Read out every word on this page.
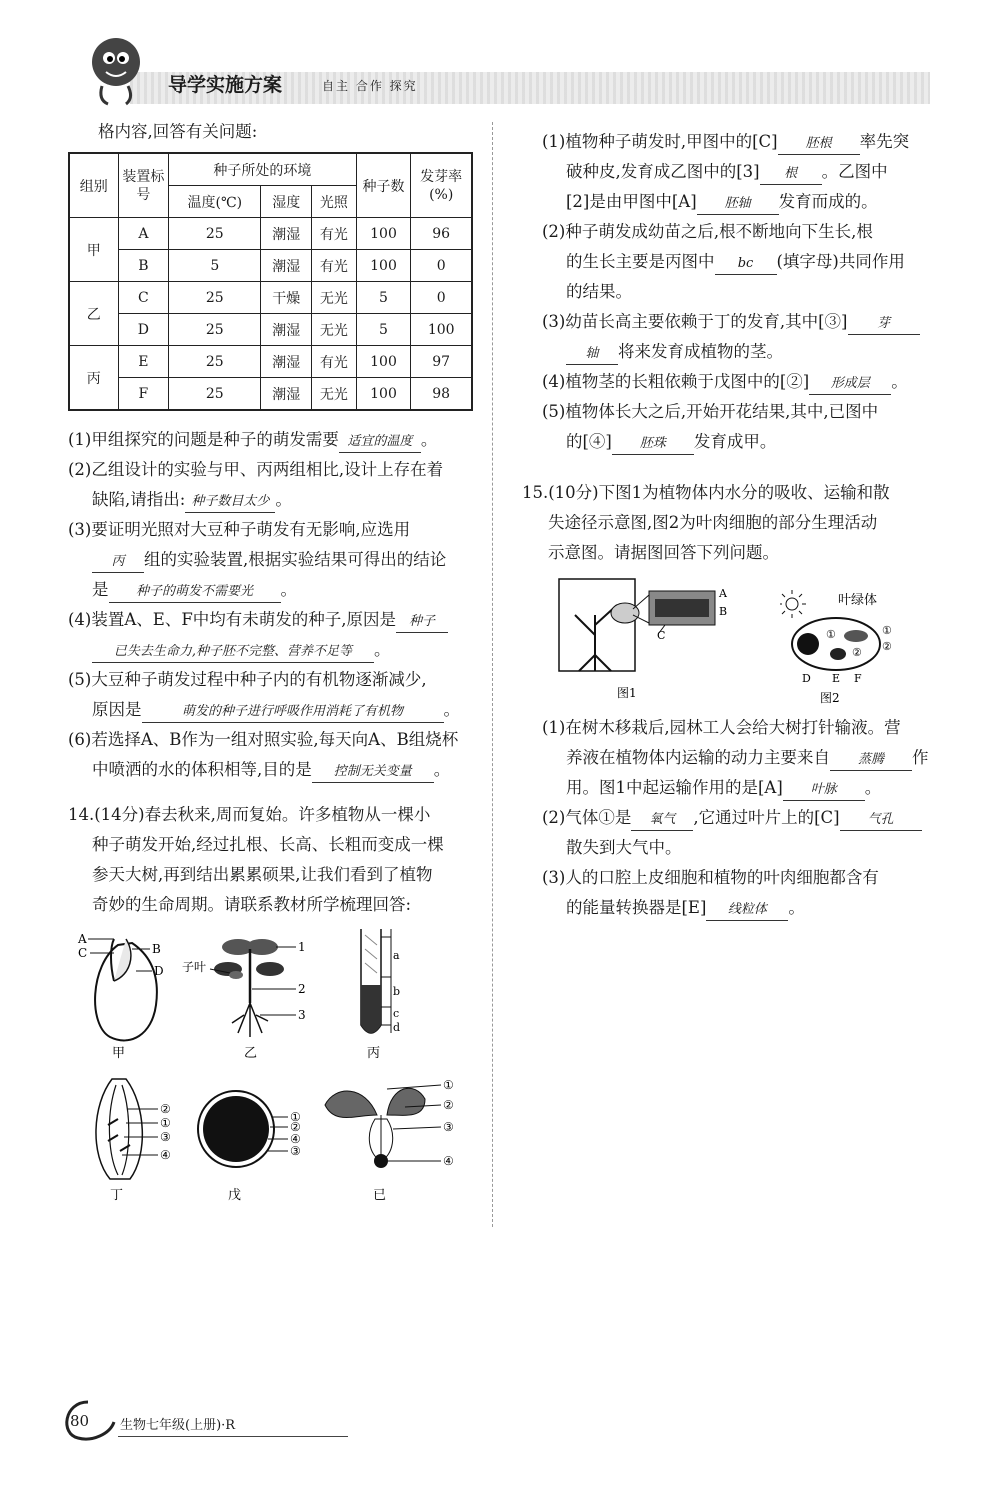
导学实施方案	自主 合作 探究
格内容,回答有关问题:
组别	装置标号	种子所处的环境			种子数	发芽率(%)
		温度(℃)	湿度	光照		
甲	A	25	潮湿	有光	100	96
	B	5	潮湿	有光	100	0
乙	C	25	干燥	无光	5	0
	D	25	潮湿	无光	5	100
丙	E	25	潮湿	有光	100	97
	F	25	潮湿	无光	100	98
(1)甲组探究的问题是种子的萌发需要 适宜的温度 。
(2)乙组设计的实验与甲、丙两组相比,设计上存在着
缺陷,请指出: 种子数目太少 。
(3)要证明光照对大豆种子萌发有无影响,应选用
丙 组的实验装置,根据实验结果可得出的结论
是 种子的萌发不需要光 。
(4)装置A、E、F中均有未萌发的种子,原因是 种子
已失去生命力,种子胚不完整、营养不足等 。
(5)大豆种子萌发过程中种子内的有机物逐渐减少,
原因是	萌发的种子进行呼吸作用消耗了有机物 。
(6)若选择A、B作为一组对照实验,每天向A、B组烧杯
中喷洒的水的体积相等,目的是 控制无关变量 。
14.(14分)春去秋来,周而复始。许多植物从一棵小
种子萌发开始,经过扎根、长高、长粗而变成一棵
参天大树,再到结出累累硕果,让我们看到了植物
奇妙的生命周期。请联系教材所学梳理回答:
A
C	B
D
甲
子叶
1
2
3
乙
a
b
c
d
丙
②
①
③
④
丁
①
②
④
③
戊
①
②
③
④
已
(1)植物种子萌发时,甲图中的[C] 胚根 率先突
破种皮,发育成乙图中的[3] 根 。乙图中
[2]是由甲图中[A] 胚轴 发育而成的。
(2)种子萌发成幼苗之后,根不断地向下生长,根
的生长主要是丙图中 bc (填字母)共同作用
的结果。
(3)幼苗长高主要依赖于丁的发育,其中[③] 芽
轴 将来发育成植物的茎。
(4)植物茎的长粗依赖于戊图中的[②] 形成层 。
(5)植物体长大之后,开始开花结果,其中,已图中
的[④] 胚珠 发育成甲。
15.(10分)下图1为植物体内水分的吸收、运输和散
失途径示意图,图2为叶肉细胞的部分生理活动
示意图。请据图回答下列问题。
A
B
C
图1
①
②
①
②
叶绿体
D E F
图2
(1)在树木移栽后,园林工人会给大树打针输液。营
养液在植物体内运输的动力主要来自 蒸腾 作
用。图1中起运输作用的是[A] 叶脉 。
(2)气体①是 氧气 ,它通过叶片上的[C] 气孔
散失到大气中。
(3)人的口腔上皮细胞和植物的叶肉细胞都含有
的能量转换器是[E] 线粒体 。
80 生物七年级(上册)·R
